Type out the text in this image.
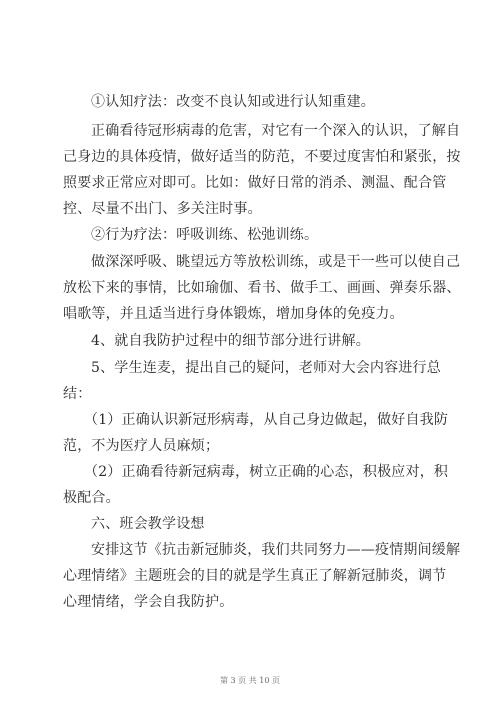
①认知疗法：改变不良认知或进行认知重建。
正确看待冠形病毒的危害，对它有一个深入的认识，了解自
己身边的具体疫情，做好适当的防范，不要过度害怕和紧张，按
照要求正常应对即可。比如：做好日常的消杀、测温、配合管
控、尽量不出门、多关注时事。
②行为疗法：呼吸训练、松弛训练。
做深深呼吸、眺望远方等放松训练，或是干一些可以使自己
放松下来的事情，比如瑜伽、看书、做手工、画画、弹奏乐器、
唱歌等，并且适当进行身体锻炼，增加身体的免疫力。
4、就自我防护过程中的细节部分进行讲解。
5、学生连麦，提出自己的疑问，老师对大会内容进行总
结：
（1）正确认识新冠形病毒，从自己身边做起，做好自我防
范，不为医疗人员麻烦；
（2）正确看待新冠病毒，树立正确的心态，积极应对，积
极配合。
六、班会教学设想
安排这节《抗击新冠肺炎，我们共同努力——疫情期间缓解
心理情绪》主题班会的目的就是学生真正了解新冠肺炎，调节
心理情绪，学会自我防护。
第 3 页 共 10 页
